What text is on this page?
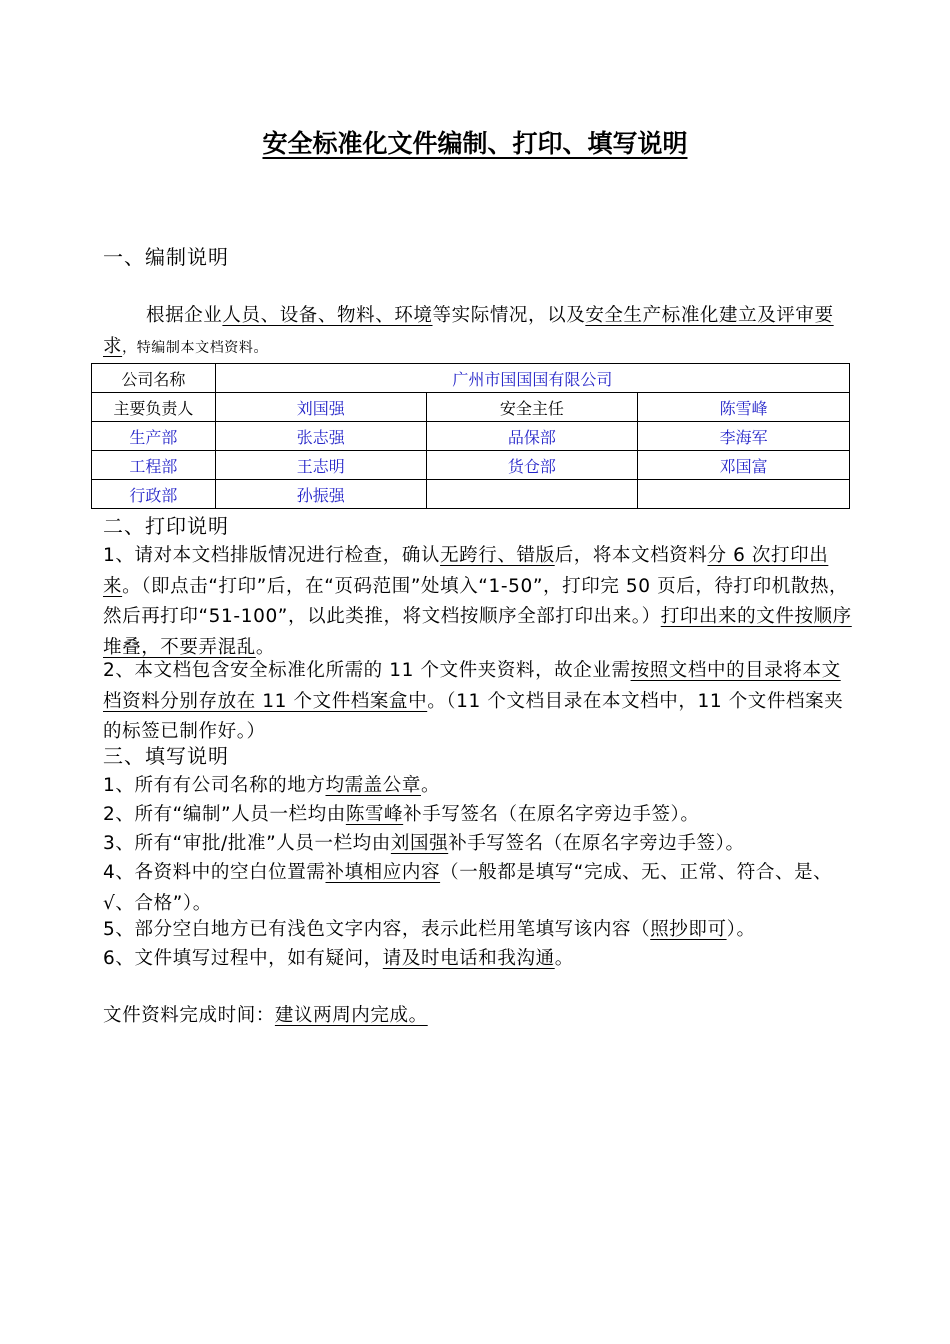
安全标准化文件编制、打印、填写说明
一、编制说明
根据企业人员、设备、物料、环境等实际情况，以及安全生产标准化建立及评审要求，特编制本文档资料。
公司名称	广州市国国国有限公司		
主要负责人	刘国强	安全主任	陈雪峰
生产部	张志强	品保部	李海军
工程部	王志明	货仓部	邓国富
行政部	孙振强		
二、打印说明
1、请对本文档排版情况进行检查，确认无跨行、错版后，将本文档资料分 6 次打印出来。（即点击“打印”后，在“页码范围”处填入“1-50”，打印完 50 页后，待打印机散热，然后再打印“51-100”，以此类推，将文档按顺序全部打印出来。）打印出来的文件按顺序堆叠，不要弄混乱。
2、本文档包含安全标准化所需的 11 个文件夹资料，故企业需按照文档中的目录将本文档资料分别存放在 11 个文件档案盒中。（11 个文档目录在本文档中，11 个文件档案夹的标签已制作好。）
三、填写说明
1、所有有公司名称的地方均需盖公章。
2、所有“编制”人员一栏均由陈雪峰补手写签名（在原名字旁边手签）。
3、所有“审批/批准”人员一栏均由刘国强补手写签名（在原名字旁边手签）。
4、各资料中的空白位置需补填相应内容（一般都是填写“完成、无、正常、符合、是、√、合格”）。
5、部分空白地方已有浅色文字内容，表示此栏用笔填写该内容（照抄即可）。
6、文件填写过程中，如有疑问，请及时电话和我沟通。
文件资料完成时间：建议两周内完成。
